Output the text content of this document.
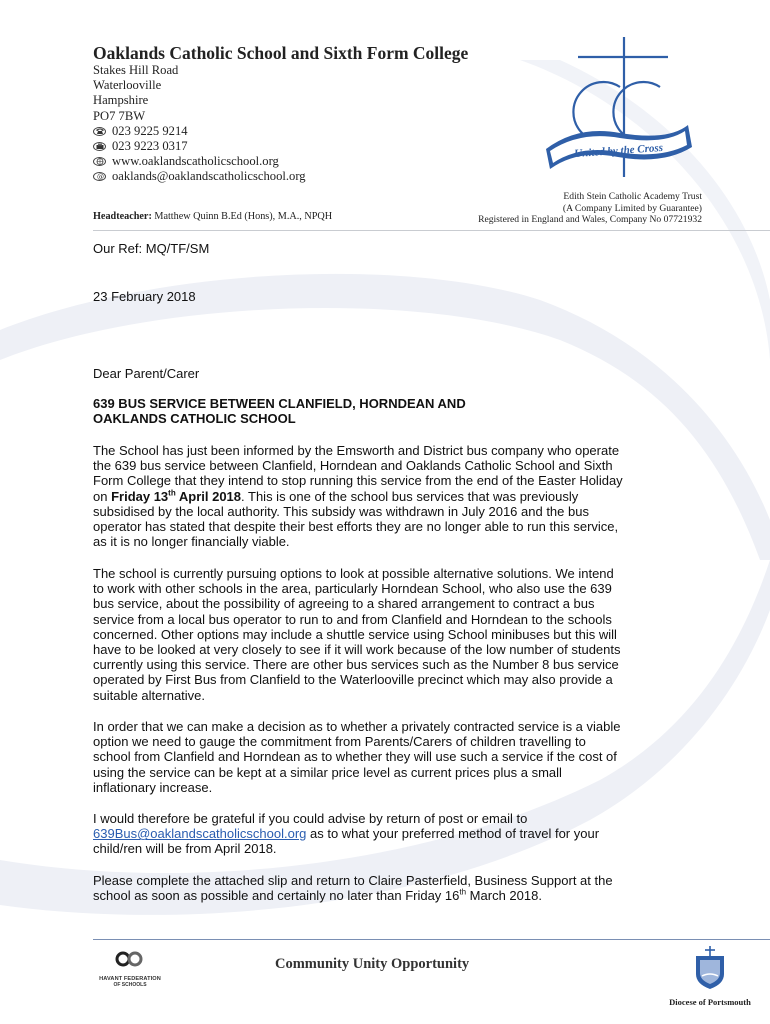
Oaklands Catholic School and Sixth Form College
Stakes Hill Road
Waterlooville
Hampshire
PO7 7BW
023 9225 9214
023 9223 0317
www.oaklandscatholicschool.org
@ oaklands@oaklandscatholicschool.org
Headteacher: Matthew Quinn B.Ed (Hons), M.A., NPQH
Edith Stein Catholic Academy Trust
(A Company Limited by Guarantee)
Registered in England and Wales, Company No 07721932
United by the Cross
Our Ref: MQ/TF/SM
23 February 2018
Dear Parent/Carer
639 BUS SERVICE BETWEEN CLANFIELD, HORNDEAN AND
OAKLANDS CATHOLIC SCHOOL
The School has just been informed by the Emsworth and District bus company who operate
the 639 bus service between Clanfield, Horndean and Oaklands Catholic School and Sixth
Form College that they intend to stop running this service from the end of the Easter Holiday
on Friday 13th April 2018. This is one of the school bus services that was previously
subsidised by the local authority. This subsidy was withdrawn in July 2016 and the bus
operator has stated that despite their best efforts they are no longer able to run this service,
as it is no longer financially viable.
The school is currently pursuing options to look at possible alternative solutions. We intend
to work with other schools in the area, particularly Horndean School, who also use the 639
bus service, about the possibility of agreeing to a shared arrangement to contract a bus
service from a local bus operator to run to and from Clanfield and Horndean to the schools
concerned. Other options may include a shuttle service using School minibuses but this will
have to be looked at very closely to see if it will work because of the low number of students
currently using this service. There are other bus services such as the Number 8 bus service
operated by First Bus from Clanfield to the Waterlooville precinct which may also provide a
suitable alternative.
In order that we can make a decision as to whether a privately contracted service is a viable
option we need to gauge the commitment from Parents/Carers of children travelling to
school from Clanfield and Horndean as to whether they will use such a service if the cost of
using the service can be kept at a similar price level as current prices plus a small
inflationary increase.
I would therefore be grateful if you could advise by return of post or email to
639Bus@oaklandscatholicschool.org as to what your preferred method of travel for your
child/ren will be from April 2018.
Please complete the attached slip and return to Claire Pasterfield, Business Support at the
school as soon as possible and certainly no later than Friday 16th March 2018.
HAVANT FEDERATION
OF SCHOOLS
Community Unity Opportunity
Diocese of Portsmouth
